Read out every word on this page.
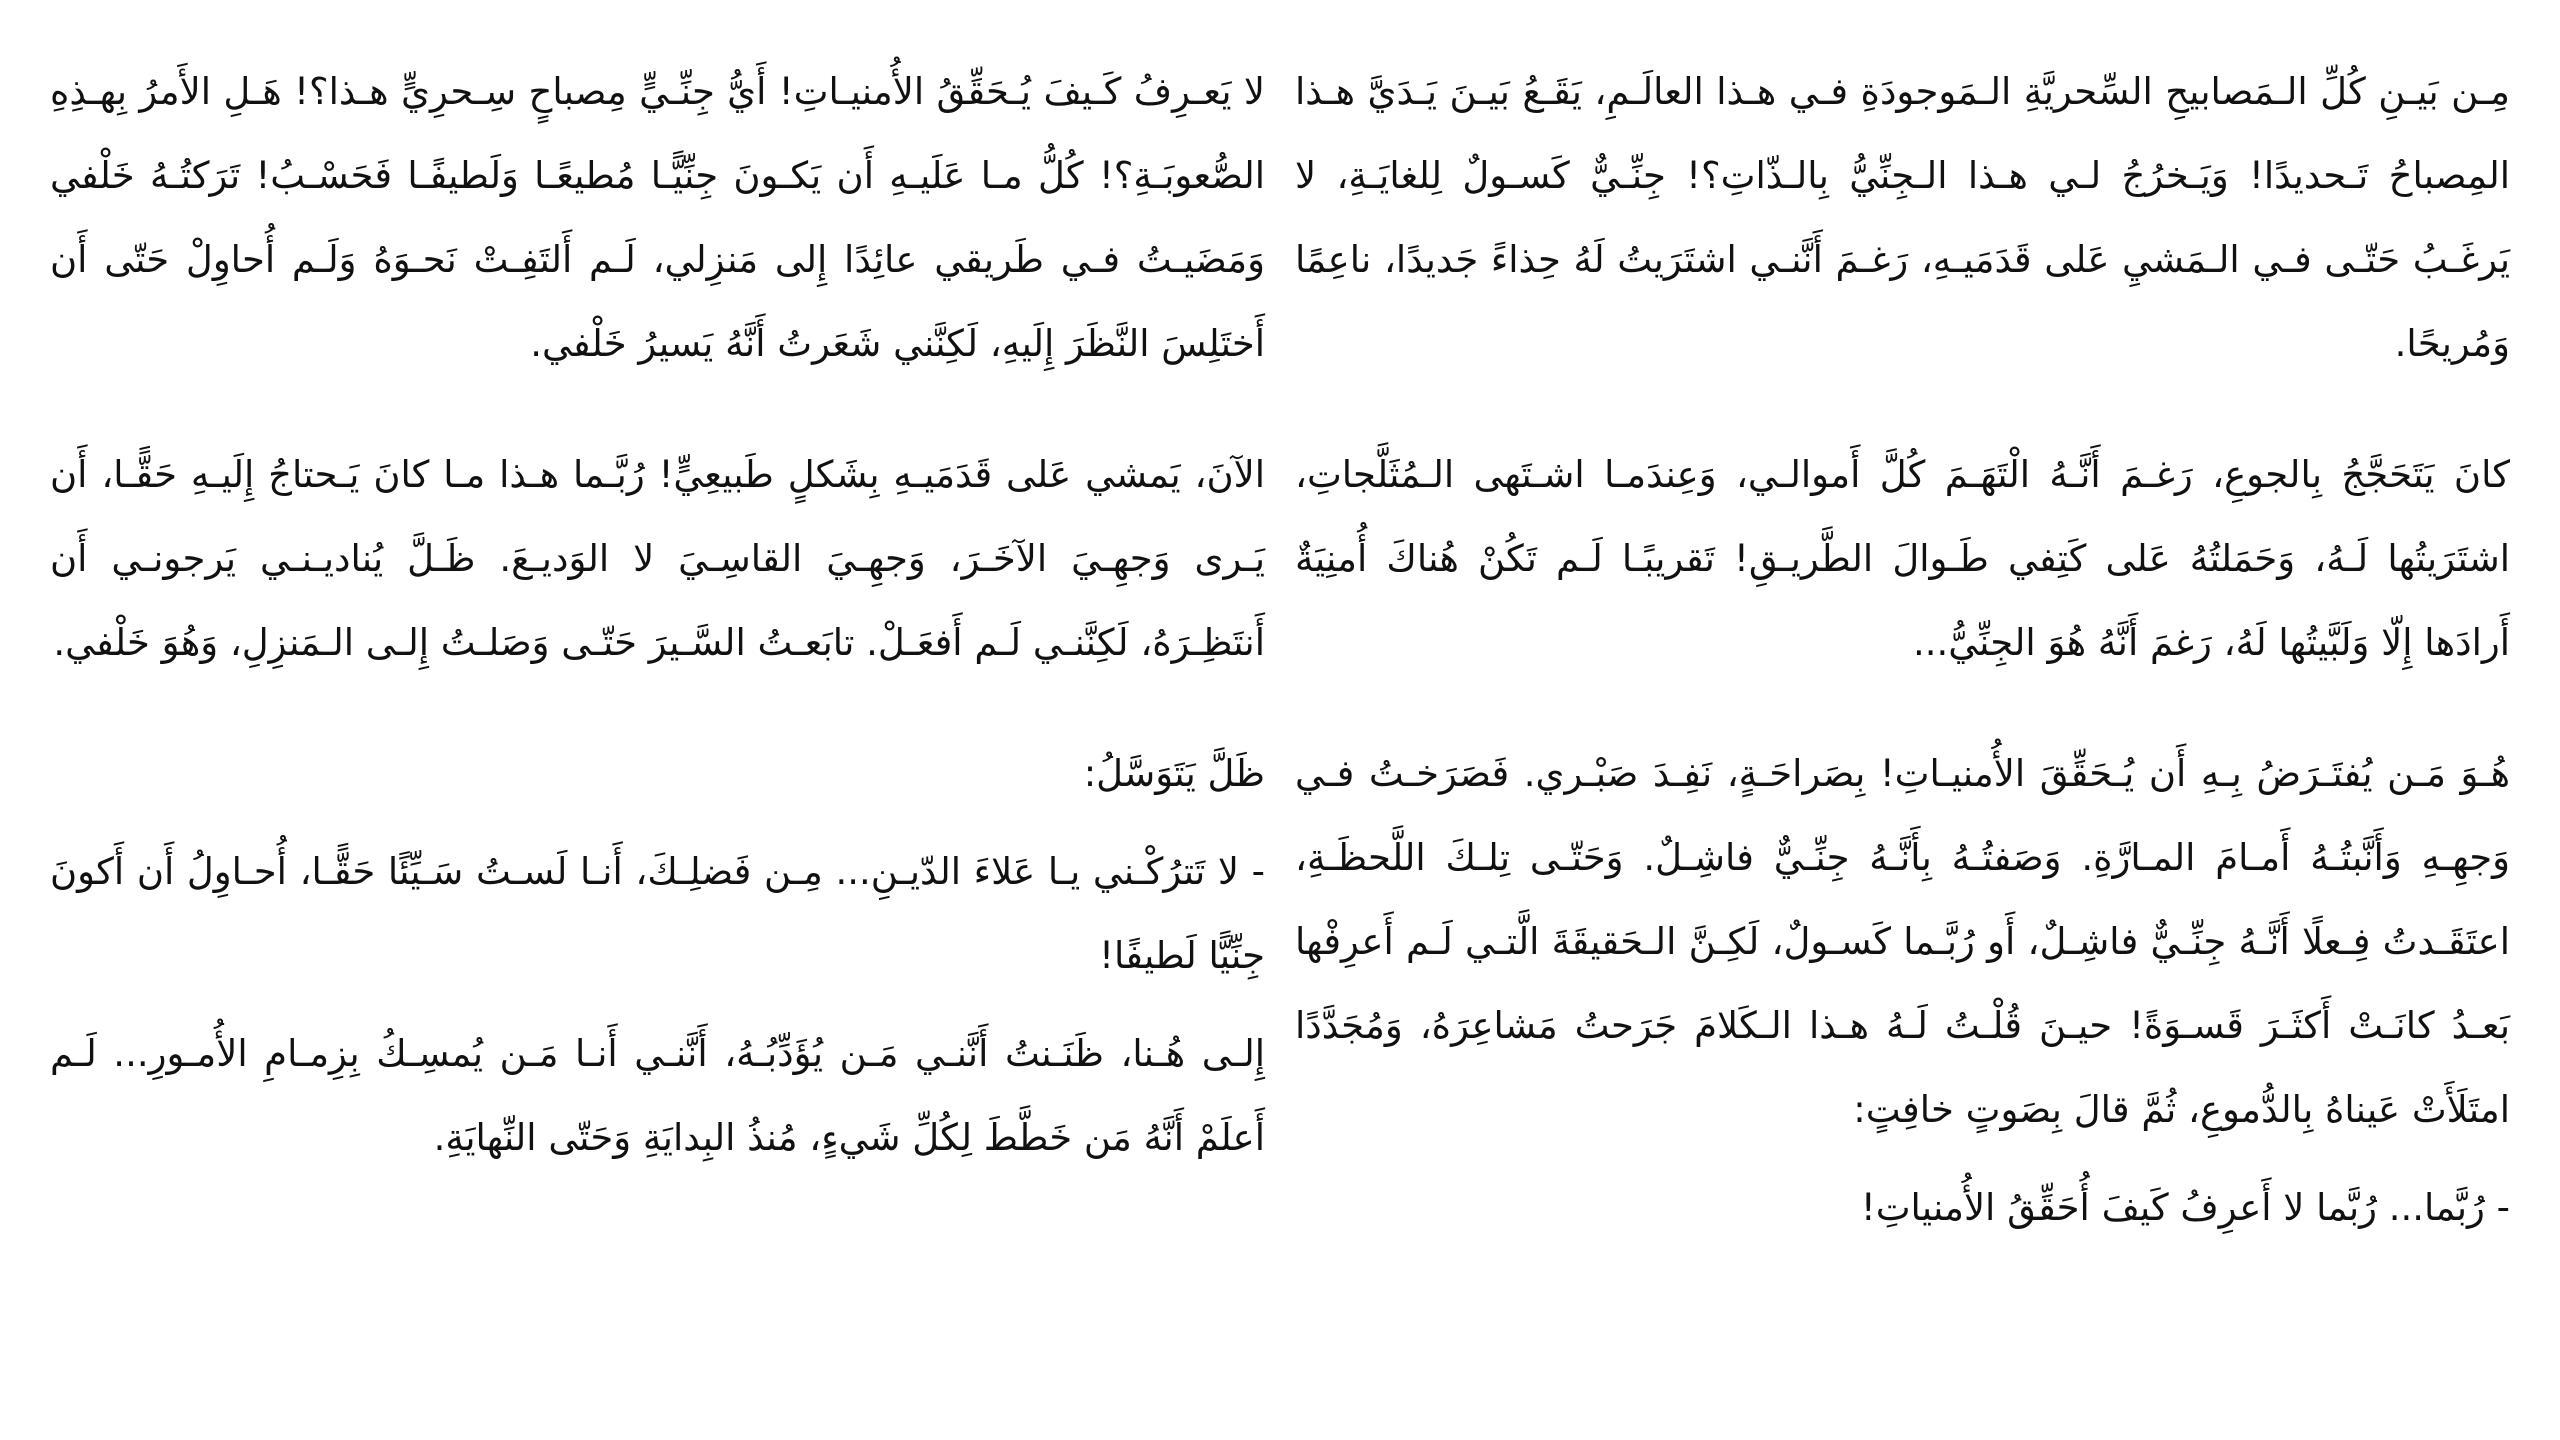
مِـن بَيـنِ كُلِّ الـمَصابيحِ السِّحريَّةِ الـمَوجودَةِ فـي هـذا العالَـمِ، يَقَـعُ بَيـنَ يَـدَيَّ هـذا المِصباحُ تَـحديدًا! وَيَـخرُجُ لـي هـذا الـجِنِّيُّ بِالـذّاتِ؟! جِنِّـيٌّ كَسـولٌ لِلغايَـةِ، لا يَرغَـبُ حَتّـى فـي الـمَشيِ عَلى قَدَمَيـهِ، رَغـمَ أَنَّنـي اشتَرَيتُ لَهُ حِذاءً جَديدًا، ناعِمًا وَمُريحًا.

كانَ يَتَحَجَّجُ بِالجوعِ، رَغـمَ أَنَّـهُ الْتَهَـمَ كُلَّ أَموالـي، وَعِندَمـا اشـتَهى الـمُثَلَّجاتِ، اشتَرَيتُها لَـهُ، وَحَمَلتُهُ عَلى كَتِفي طَـوالَ الطَّريـقِ! تَقريبًـا لَـم تَكُنْ هُناكَ أُمنِيَةٌ أَرادَها إِلّا وَلَبَّيتُها لَهُ، رَغمَ أَنَّهُ هُوَ الجِنِّيُّ...

هُـوَ مَـن يُفتَـرَضُ بِـهِ أَن يُـحَقِّقَ الأُمنيـاتِ! بِصَراحَـةٍ، نَفِـدَ صَبْـري. فَصَرَخـتُ فـي وَجهِـهِ وَأَنَّبتُـهُ أَمـامَ المـارَّةِ. وَصَفتُـهُ بِأَنَّـهُ جِنِّـيٌّ فاشِـلٌ. وَحَتّـى تِلـكَ اللَّحظَـةِ، اعتَقَـدتُ فِـعلًا أَنَّـهُ جِنِّـيٌّ فاشِـلٌ، أَو رُبَّـما كَسـولٌ، لَكِـنَّ الـحَقيقَةَ الَّتـي لَـم أَعرِفْها بَعـدُ كانَـتْ أَكثَـرَ قَسـوَةً! حيـنَ قُلْـتُ لَـهُ هـذا الـكَلامَ جَرَحتُ مَشاعِرَهُ، وَمُجَدَّدًا امتَلَأَتْ عَيناهُ بِالدُّموعِ، ثُمَّ قالَ بِصَوتٍ خافِتٍ:

- رُبَّما... رُبَّما لا أَعرِفُ كَيفَ أُحَقِّقُ الأُمنياتِ!

لا يَعـرِفُ كَـيفَ يُـحَقِّقُ الأُمنيـاتِ! أَيُّ جِنِّـيٍّ مِصباحٍ سِـحرِيٍّ هـذا؟! هَـلِ الأَمرُ بِهـذِهِ الصُّعوبَـةِ؟! كُلُّ مـا عَلَيـهِ أَن يَكـونَ جِنِّيًّـا مُطيعًـا وَلَطيفًـا فَحَسْـبُ! تَرَكتُـهُ خَلْفي وَمَضَيـتُ فـي طَريقي عائِدًا إِلى مَنزِلي، لَـم أَلتَفِـتْ نَحـوَهُ وَلَـم أُحاوِلْ حَتّى أَن أَختَلِسَ النَّظَرَ إِلَيهِ، لَكِنَّني شَعَرتُ أَنَّهُ يَسيرُ خَلْفي.

الآنَ، يَمشي عَلى قَدَمَيـهِ بِشَكلٍ طَبيعِيٍّ! رُبَّـما هـذا مـا كانَ يَـحتاجُ إِلَيـهِ حَقًّـا، أَن يَـرى وَجهِـيَ الآخَـرَ، وَجهِـيَ القاسِـيَ لا الوَديـعَ. ظَـلَّ يُناديـنـي يَرجونـي أَن أَنتَظِـرَهُ، لَكِنَّنـي لَـم أَفعَـلْ. تابَعـتُ السَّـيرَ حَتّـى وَصَلـتُ إِلـى الـمَنزِلِ، وَهُوَ خَلْفي.

ظَلَّ يَتَوَسَّلُ:

- لا تَترُكْـني يـا عَلاءَ الدّيـنِ... مِـن فَضلِـكَ، أَنـا لَسـتُ سَـيِّئًا حَقًّـا، أُحـاوِلُ أَن أَكونَ جِنِّيًّا لَطيفًا!

إِلـى هُـنا، ظَنَـنتُ أَنَّنـي مَـن يُؤَدِّبُـهُ، أَنَّنـي أَنـا مَـن يُمسِـكُ بِزِمـامِ الأُمـورِ... لَـم أَعلَمْ أَنَّهُ مَن خَطَّطَ لِكُلِّ شَيءٍ، مُنذُ البِدايَةِ وَحَتّى النِّهايَةِ.
